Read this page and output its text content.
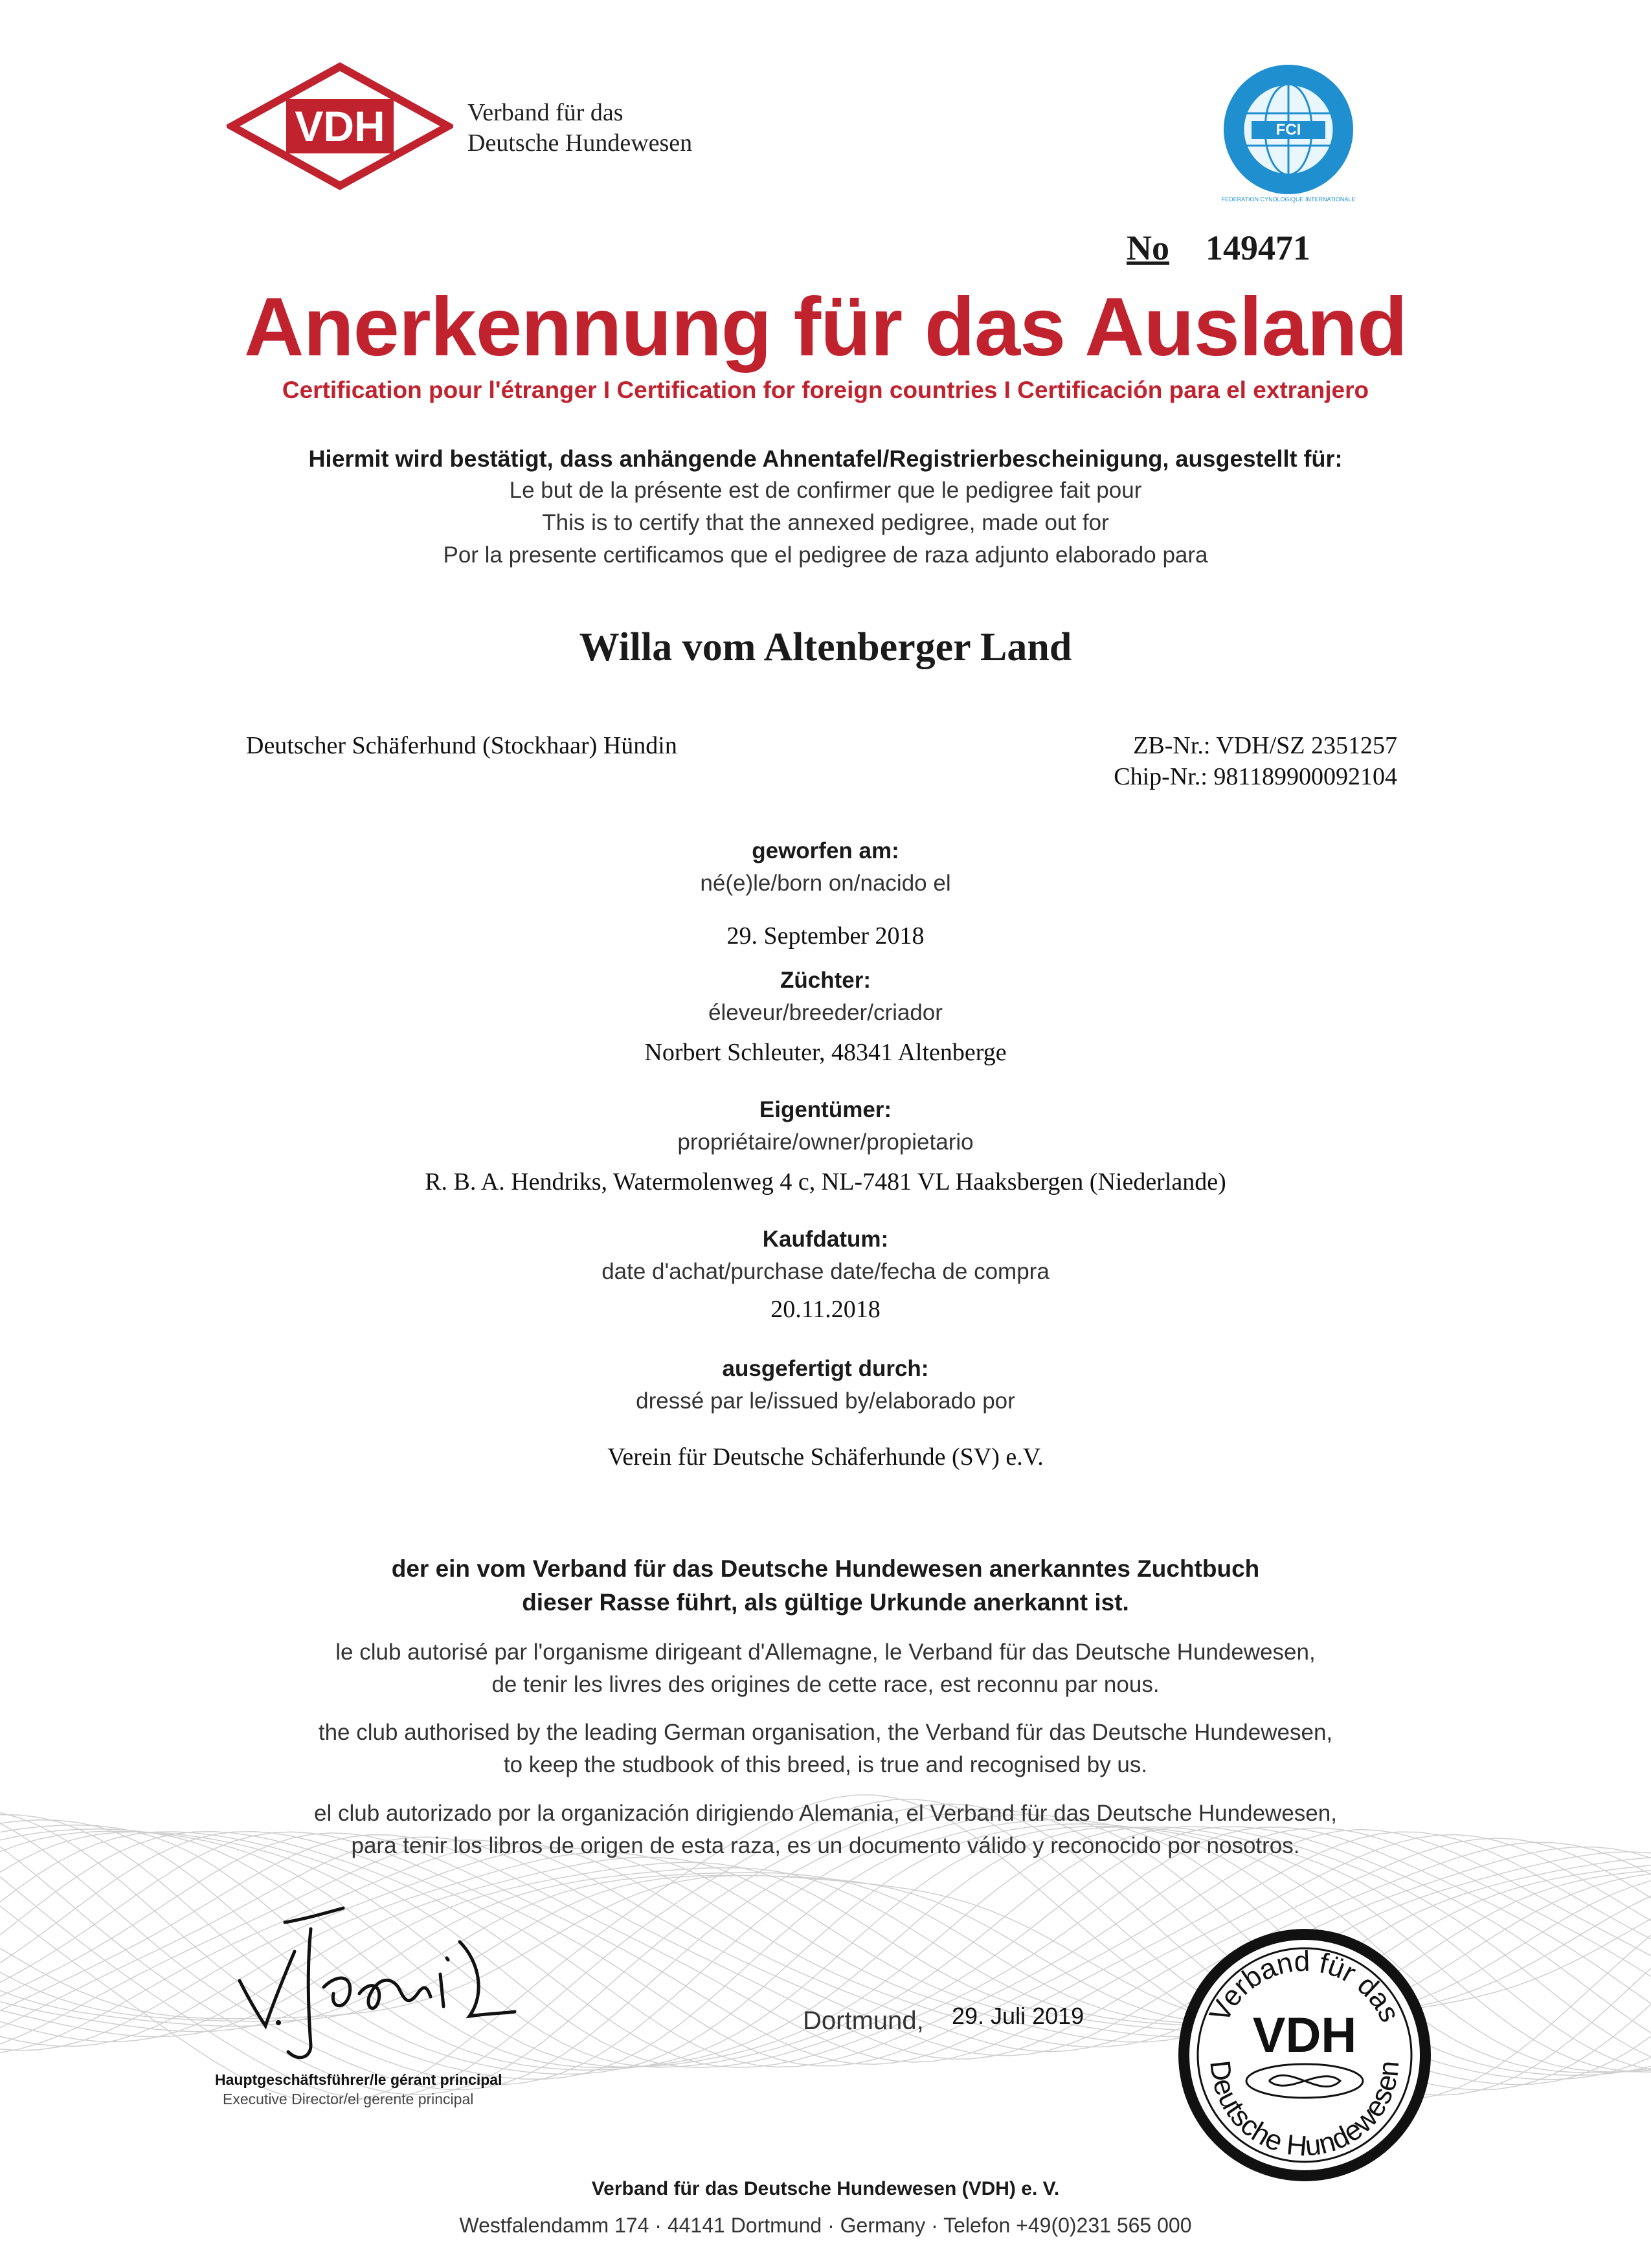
VDH	Verband für das
Deutsche Hundewesen	FCI
FEDERATION CYNOLOGIQUE INTERNATIONALE
No 149471
Anerkennung für das Ausland
Certification pour l'étranger I Certification for foreign countries I Certificación para el extranjero
Hiermit wird bestätigt, dass anhängende Ahnentafel/Registrierbescheinigung, ausgestellt für:
Le but de la présente est de confirmer que le pedigree fait pour
This is to certify that the annexed pedigree, made out for
Por la presente certificamos que el pedigree de raza adjunto elaborado para
Willa vom Altenberger Land
Deutscher Schäferhund (Stockhaar) Hündin	ZB-Nr.: VDH/SZ 2351257
Chip-Nr.: 981189900092104
geworfen am:
né(e)le/born on/nacido el
29. September 2018
Züchter:
éleveur/breeder/criador
Norbert Schleuter, 48341 Altenberge
Eigentümer:
propriétaire/owner/propietario
R. B. A. Hendriks, Watermolenweg 4 c, NL-7481 VL Haaksbergen (Niederlande)
Kaufdatum:
date d'achat/purchase date/fecha de compra
20.11.2018
ausgefertigt durch:
dressé par le/issued by/elaborado por
Verein für Deutsche Schäferhunde (SV) e.V.
der ein vom Verband für das Deutsche Hundewesen anerkanntes Zuchtbuch
dieser Rasse führt, als gültige Urkunde anerkannt ist.
le club autorisé par l'organisme dirigeant d'Allemagne, le Verband für das Deutsche Hundewesen,
de tenir les livres des origines de cette race, est reconnu par nous.
the club authorised by the leading German organisation, the Verband für das Deutsche Hundewesen,
to keep the studbook of this breed, is true and recognised by us.
el club autorizado por la organización dirigiendo Alemania, el Verband für das Deutsche Hundewesen,
para tenir los libros de origen de esta raza, es un documento válido y reconocido por nosotros.
Hauptgeschäftsführer/le gérant principal
Executive Director/el gerente principal
Dortmund, 29. Juli 2019	Verband für das
Deutsche Hundewesen
VDH
Verband für das Deutsche Hundewesen (VDH) e. V.
Westfalendamm 174 · 44141 Dortmund · Germany · Telefon +49(0)231 565 000
